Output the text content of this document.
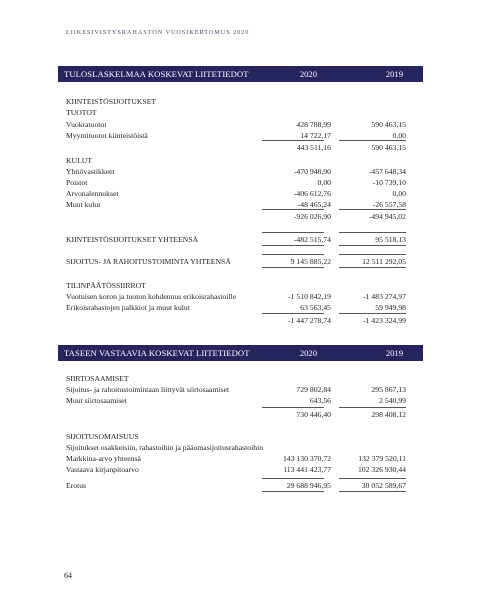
LIIKESIVISTYSRAHASTON VUOSIKERTOMUS 2020
TULOSLASKELMAA KOSKEVAT LIITETIEDOT	2020	2019
KIINTEISTÖSIJOITUKSET
TUOTOT
Vuokratuotot	428 788,99	590 463,15
Myyntituotot kiinteistöistä	14 722,17	0,00
443 511,16	590 463,15
KULUT
Yhtiövastikkeet	-470 948,90	-457 648,34
Poistot	0,00	-10 739,10
Arvonalennukset	-406 612,76	0,00
Muut kulut	-48 465,24	-26 557,58
-926 026,90	-494 945,02
KIINTEISTÖSIJOITUKSET YHTEENSÄ	-482 515,74	95 518,13
SIJOITUS- JA RAHOITUSTOIMINTA YHTEENSÄ	9 145 885,22	12 511 292,05
TILINPÄÄTÖSSIIRROT
Vuotuisen koron ja tuoton kohdennus erikoisrahastoille	-1 510 842,19	-1 483 274,97
Erikoisrahastojen palkkiot ja muut kulut	63 563,45	59 949,98
-1 447 278,74	-1 423 324,99
TASEEN VASTAAVIA KOSKEVAT LIITETIEDOT	2020	2019
SIIRTOSAAMISET
Sijoitus- ja rahoitustoimintaan liittyvät siirtosaamiset	729 802,84	295 867,13
Muut siirtosaamiset	643,56	2 540,99
730 446,40	298 408,12
SIJOITUSOMAISUUS
Sijoitukset osakkeisiin, rahastoihin ja pääomasijoitusrahastoihin
Markkina-arvo yhteensä	143 130 370,72	132 379 520,11
Vastaava kirjanpitoarvo	113 441 423,77	102 326 930,44
Erotus	29 688 946,95	30 052 589,67
64
